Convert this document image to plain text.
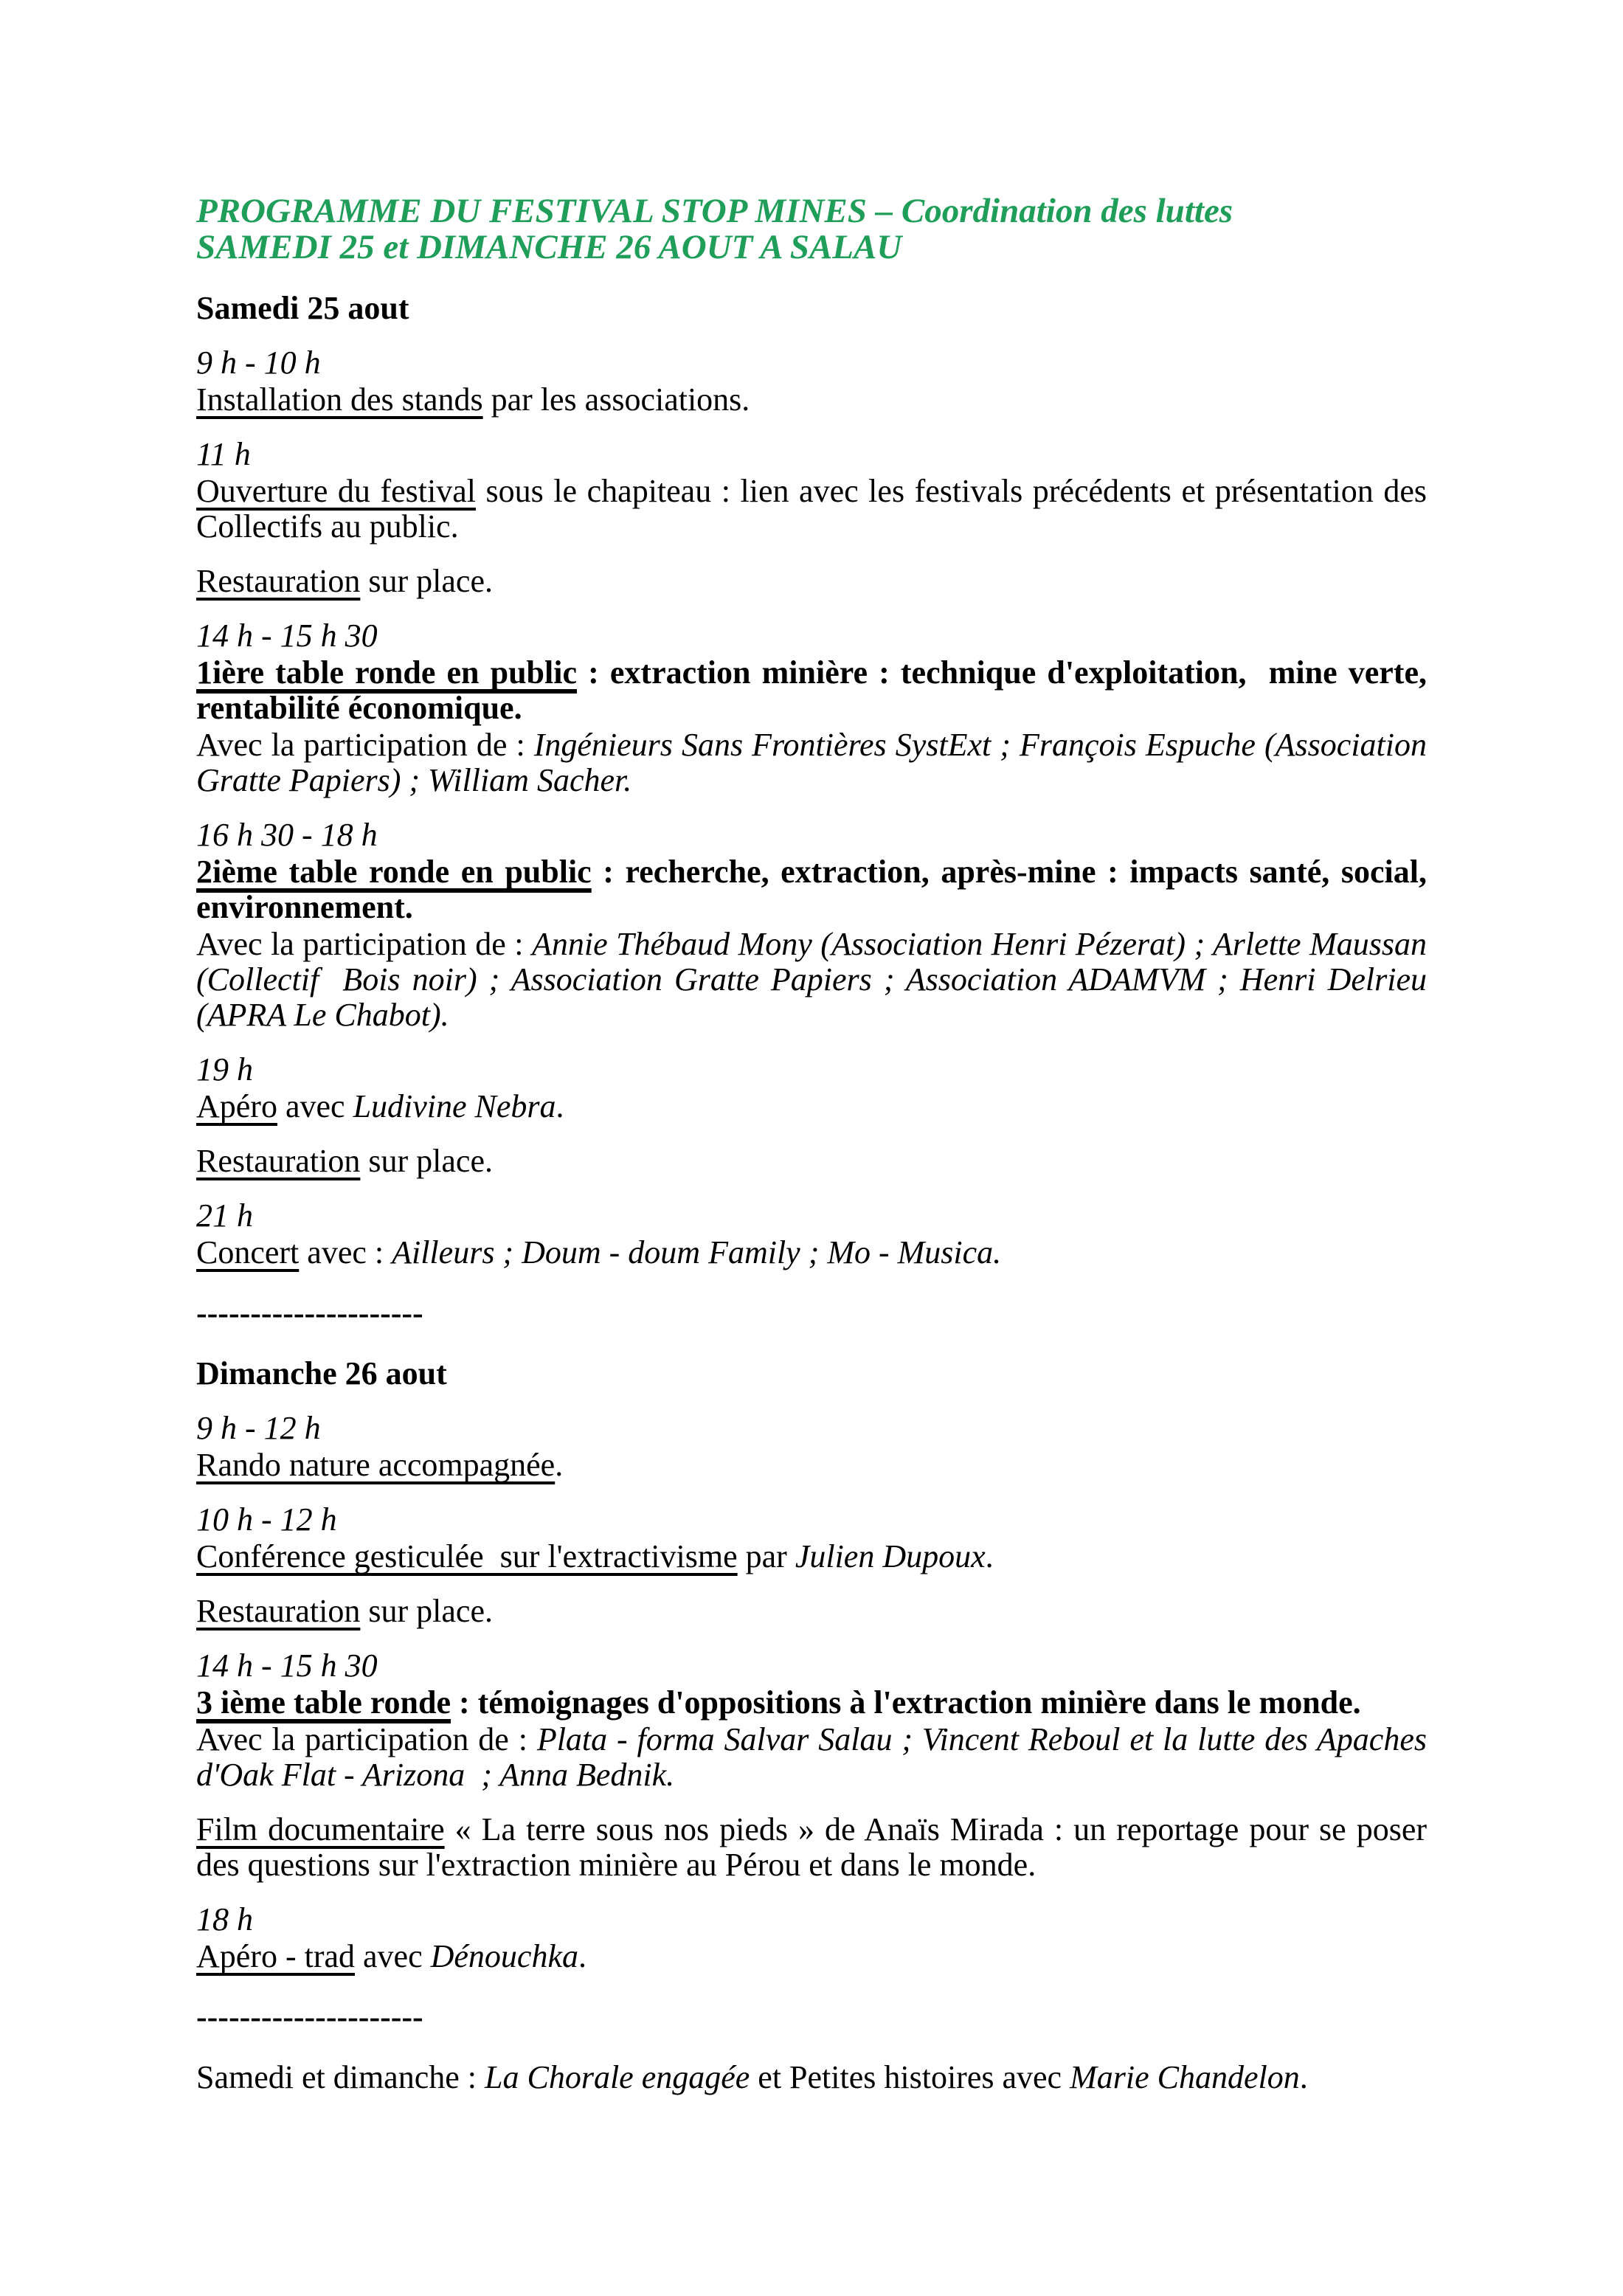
PROGRAMME DU FESTIVAL STOP MINES – Coordination des luttes
SAMEDI 25 et DIMANCHE 26 AOUT A SALAU
Samedi 25 aout
9 h - 10 h
Installation des stands par les associations.
11 h
Ouverture du festival sous le chapiteau : lien avec les festivals précédents et présentation des Collectifs au public.
Restauration sur place.
14 h - 15 h 30
1ière table ronde en public : extraction minière : technique d'exploitation,  mine verte, rentabilité économique.
Avec la participation de : Ingénieurs Sans Frontières SystExt ; François Espuche (Association Gratte Papiers) ; William Sacher.
16 h 30 - 18 h
2ième table ronde en public : recherche, extraction, après-mine : impacts santé, social, environnement.
Avec la participation de : Annie Thébaud Mony (Association Henri Pézerat) ; Arlette Maussan (Collectif  Bois noir) ; Association Gratte Papiers ; Association ADAMVM ; Henri Delrieu (APRA Le Chabot).
19 h
Apéro avec Ludivine Nebra.
Restauration sur place.
21 h
Concert avec : Ailleurs ; Doum - doum Family ; Mo - Musica.
---------------------
Dimanche 26 aout
9 h - 12 h
Rando nature accompagnée.
10 h - 12 h
Conférence gesticulée  sur l'extractivisme par Julien Dupoux.
Restauration sur place.
14 h - 15 h 30
3 ième table ronde : témoignages d'oppositions à l'extraction minière dans le monde.
Avec la participation de : Plata - forma Salvar Salau ; Vincent Reboul et la lutte des Apaches d'Oak Flat - Arizona  ; Anna Bednik.
Film documentaire « La terre sous nos pieds » de Anaïs Mirada : un reportage pour se poser des questions sur l'extraction minière au Pérou et dans le monde.
18 h
Apéro - trad avec Dénouchka.
---------------------
Samedi et dimanche : La Chorale engagée et Petites histoires avec Marie Chandelon.
